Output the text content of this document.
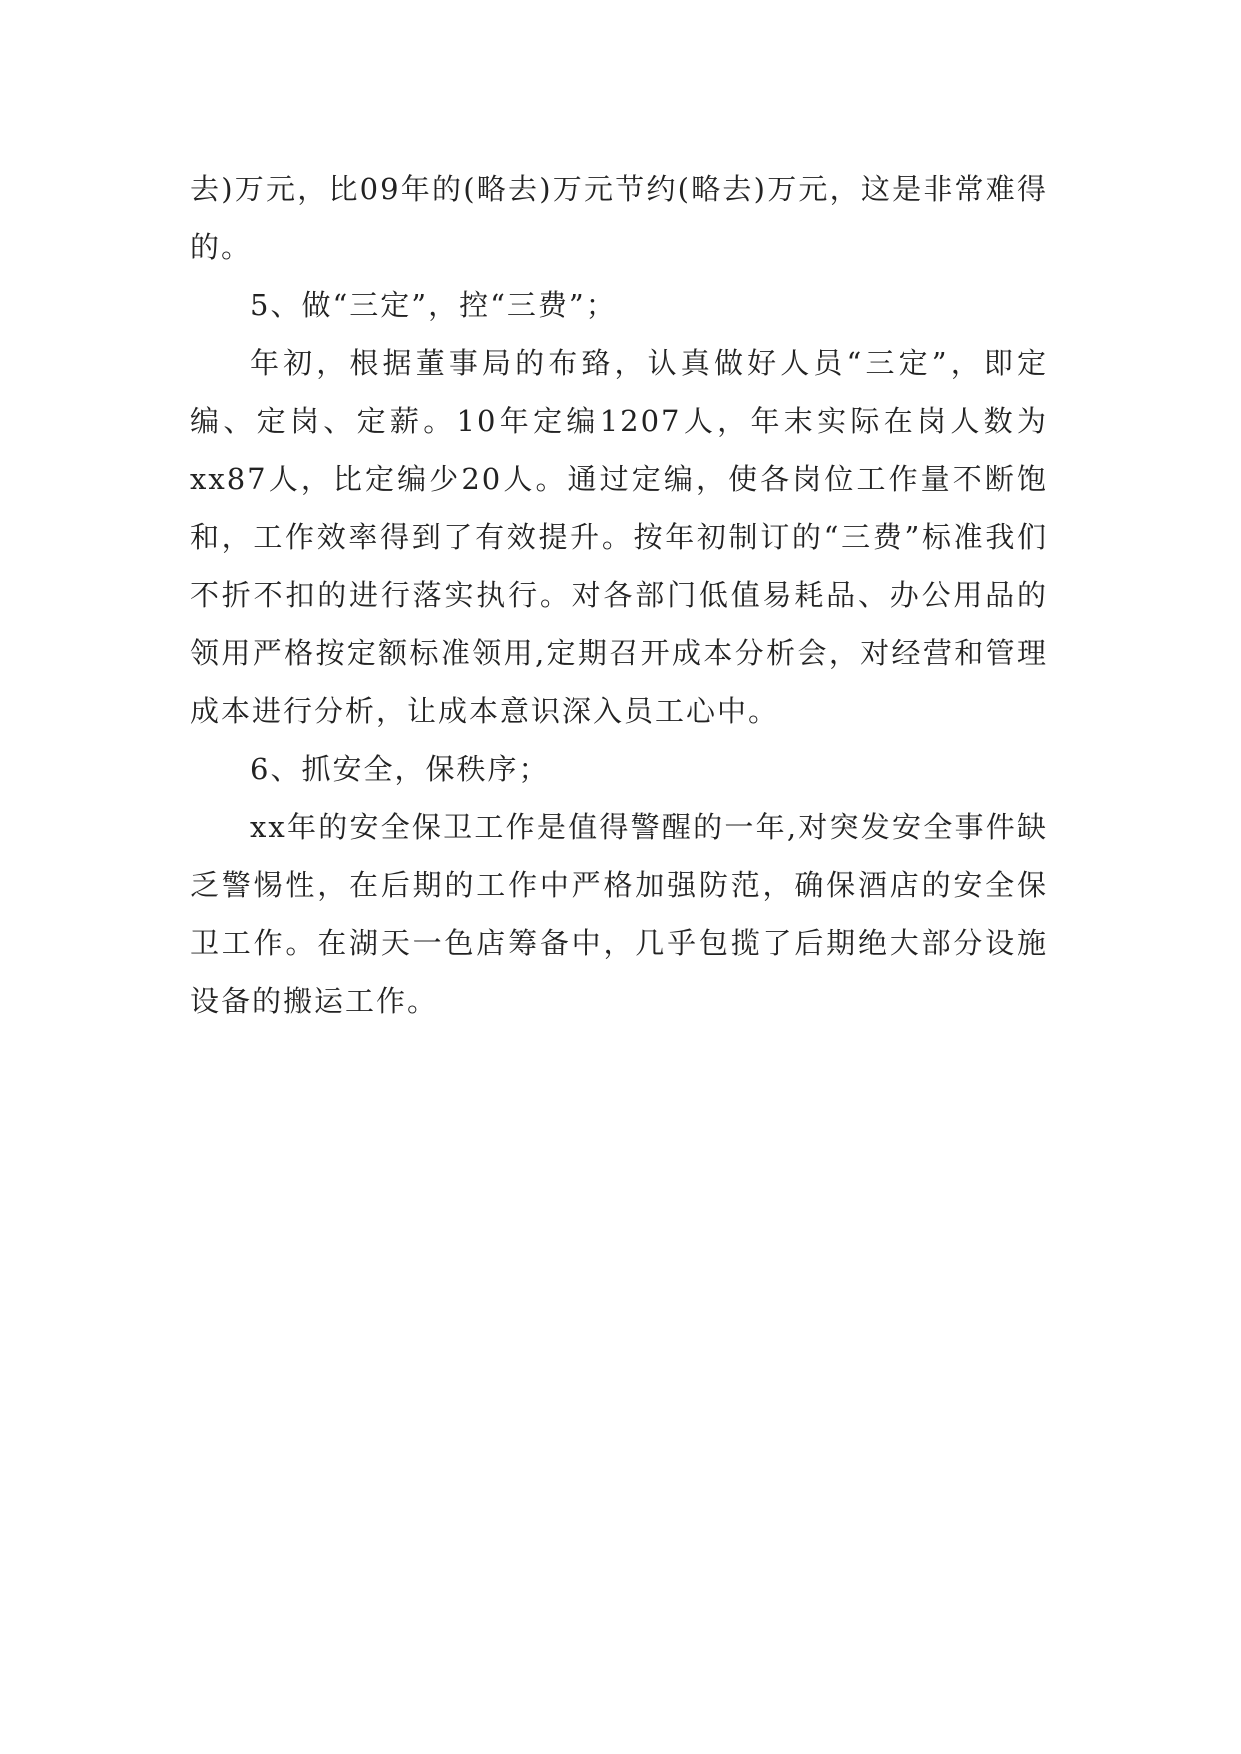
去)万元，比09年的(略去)万元节约(略去)万元，这是非常难得的。

5、做“三定”，控“三费”；

年初，根据董事局的布臵，认真做好人员“三定”，即定编、定岗、定薪。10年定编1207人，年末实际在岗人数为xx87人，比定编少20人。通过定编，使各岗位工作量不断饱和，工作效率得到了有效提升。按年初制订的“三费”标准我们不折不扣的进行落实执行。对各部门低值易耗品、办公用品的领用严格按定额标准领用,定期召开成本分析会，对经营和管理成本进行分析，让成本意识深入员工心中。

6、抓安全，保秩序；

xx年的安全保卫工作是值得警醒的一年,对突发安全事件缺乏警惕性，在后期的工作中严格加强防范，确保酒店的安全保卫工作。在湖天一色店筹备中，几乎包揽了后期绝大部分设施设备的搬运工作。
